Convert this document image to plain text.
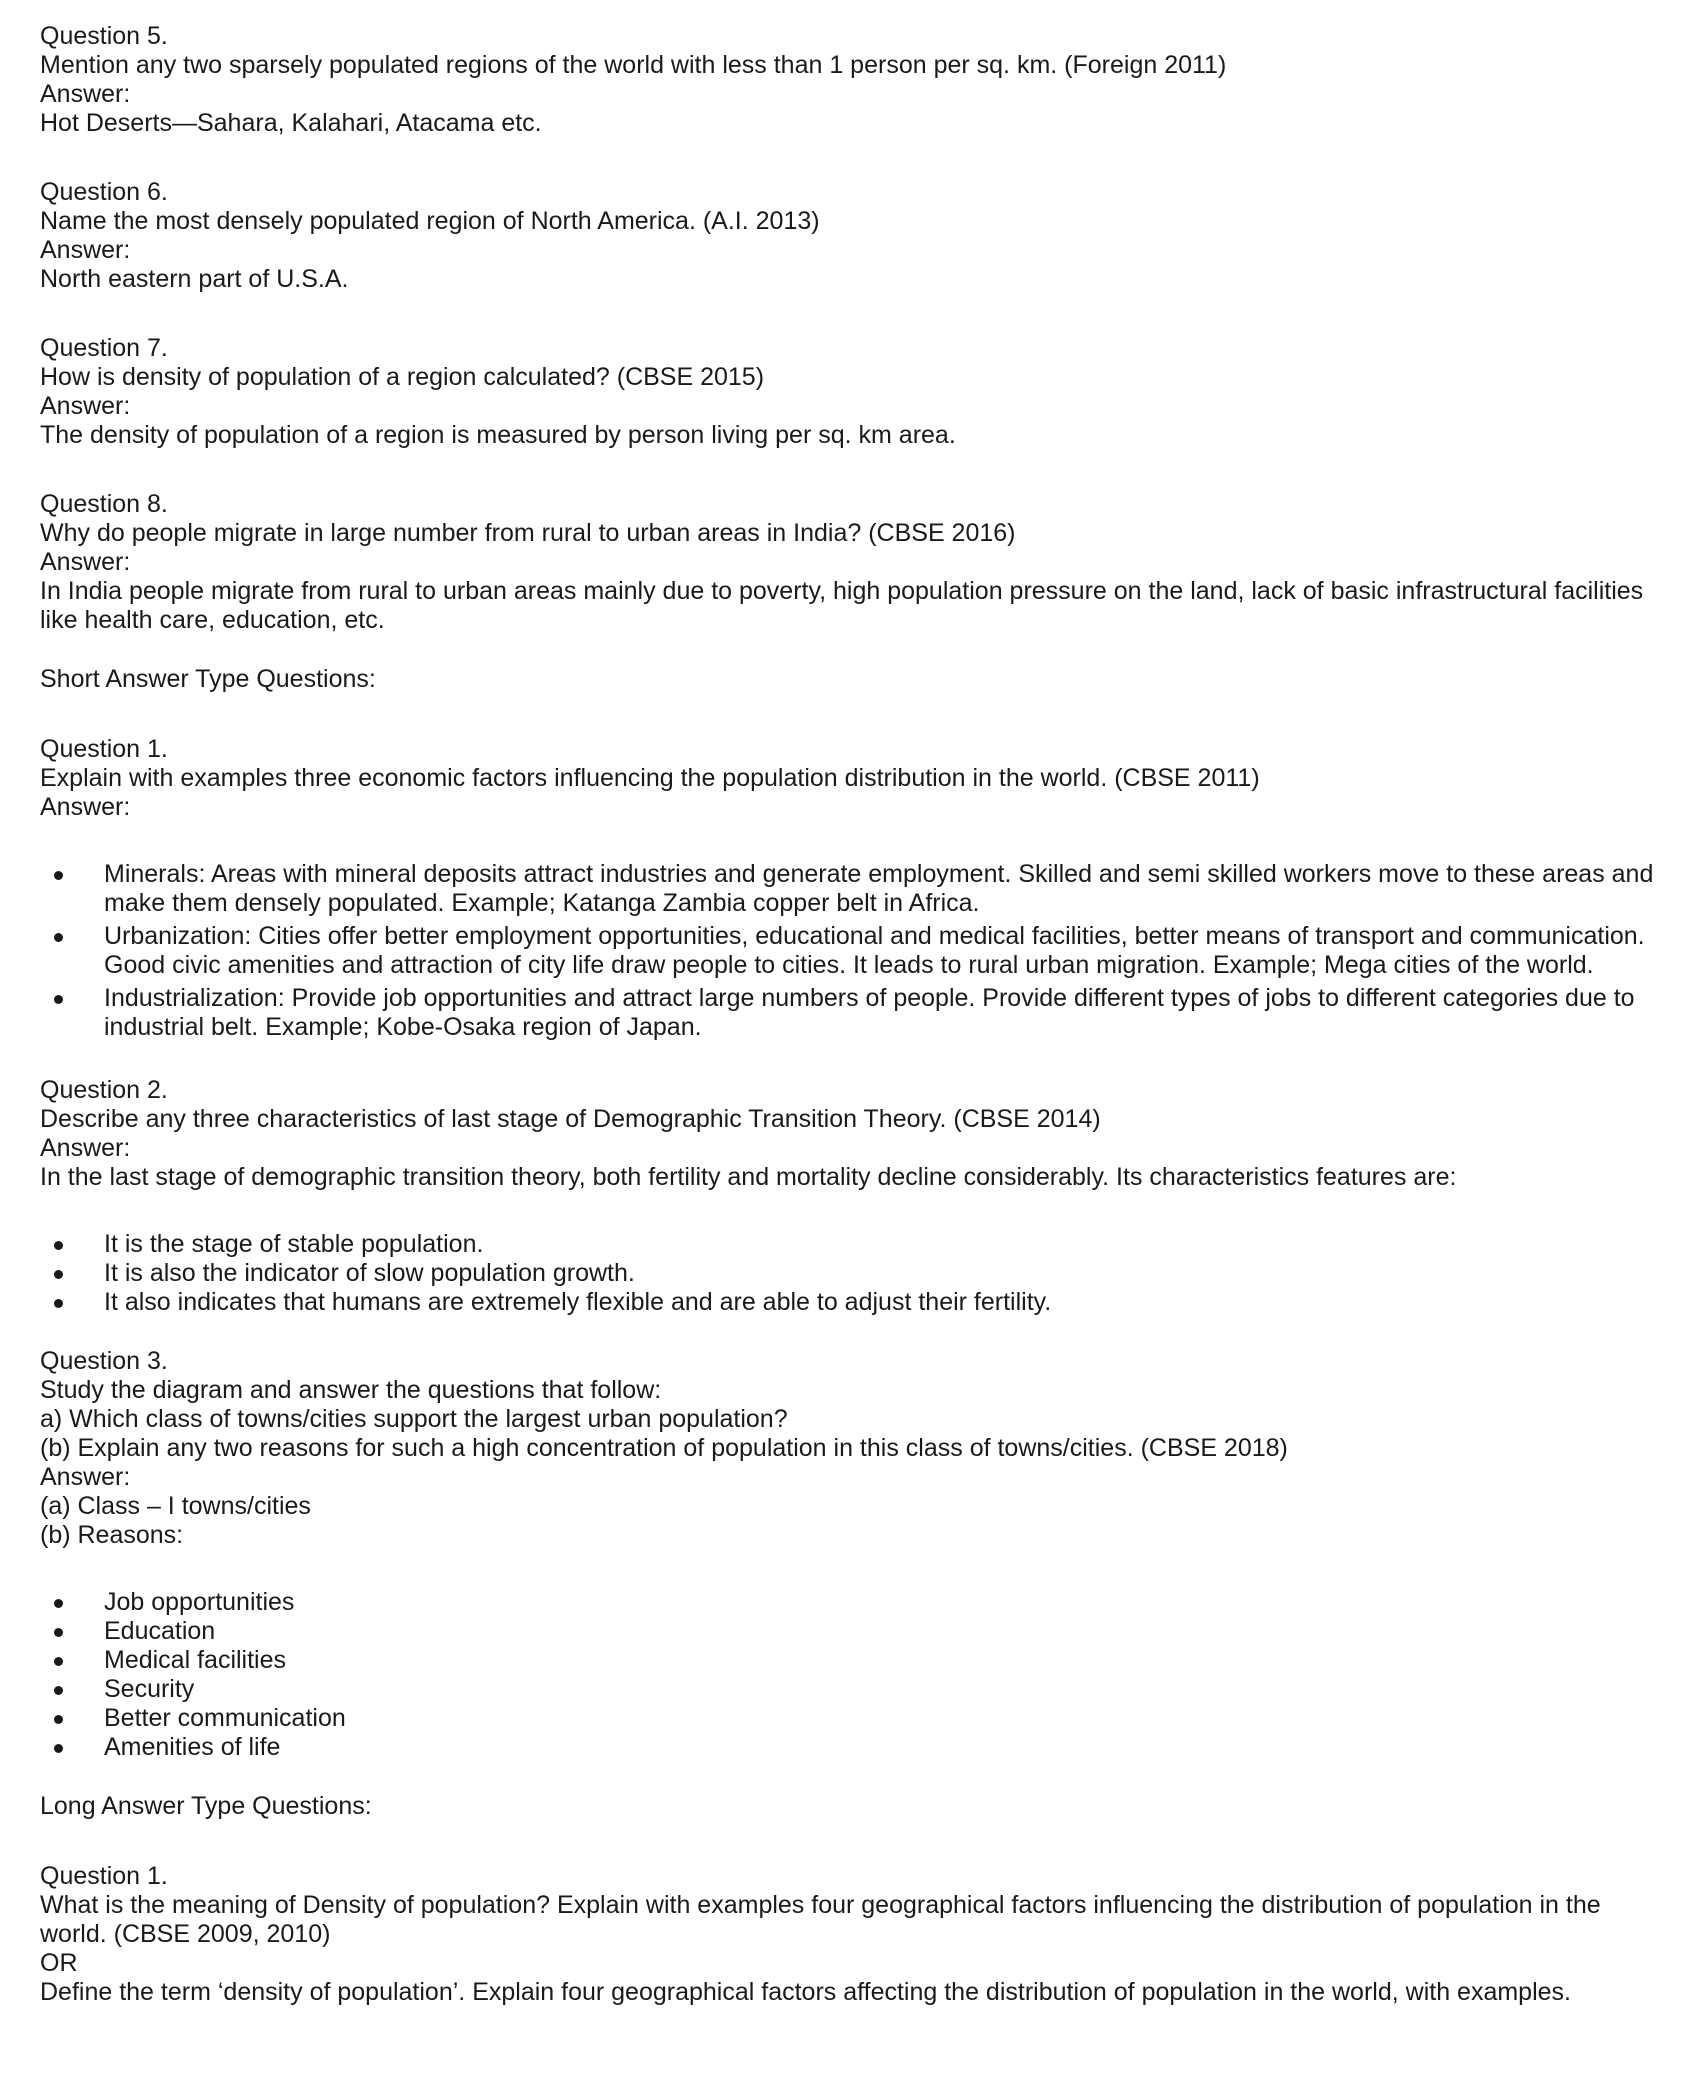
Question 5.
Mention any two sparsely populated regions of the world with less than 1 person per sq. km. (Foreign 2011)
Answer:
Hot Deserts—Sahara, Kalahari, Atacama etc.
Question 6.
Name the most densely populated region of North America. (A.I. 2013)
Answer:
North eastern part of U.S.A.
Question 7.
How is density of population of a region calculated? (CBSE 2015)
Answer:
The density of population of a region is measured by person living per sq. km area.
Question 8.
Why do people migrate in large number from rural to urban areas in India? (CBSE 2016)
Answer:
In India people migrate from rural to urban areas mainly due to poverty, high population pressure on the land, lack of basic infrastructural facilities like health care, education, etc.
Short Answer Type Questions:
Question 1.
Explain with examples three economic factors influencing the population distribution in the world. (CBSE 2011)
Answer:
Minerals: Areas with mineral deposits attract industries and generate employment. Skilled and semi skilled workers move to these areas and make them densely populated. Example; Katanga Zambia copper belt in Africa.
Urbanization: Cities offer better employment opportunities, educational and medical facilities, better means of transport and communication. Good civic amenities and attraction of city life draw people to cities. It leads to rural urban migration. Example; Mega cities of the world.
Industrialization: Provide job opportunities and attract large numbers of people. Provide different types of jobs to different categories due to industrial belt. Example; Kobe-Osaka region of Japan.
Question 2.
Describe any three characteristics of last stage of Demographic Transition Theory. (CBSE 2014)
Answer:
In the last stage of demographic transition theory, both fertility and mortality decline considerably. Its characteristics features are:
It is the stage of stable population.
It is also the indicator of slow population growth.
It also indicates that humans are extremely flexible and are able to adjust their fertility.
Question 3.
Study the diagram and answer the questions that follow:
a) Which class of towns/cities support the largest urban population?
(b) Explain any two reasons for such a high concentration of population in this class of towns/cities. (CBSE 2018)
Answer:
(a) Class – I towns/cities
(b) Reasons:
Job opportunities
Education
Medical facilities
Security
Better communication
Amenities of life
Long Answer Type Questions:
Question 1.
What is the meaning of Density of population? Explain with examples four geographical factors influencing the distribution of population in the world. (CBSE 2009, 2010)
OR
Define the term ‘density of population’. Explain four geographical factors affecting the distribution of population in the world, with examples.
